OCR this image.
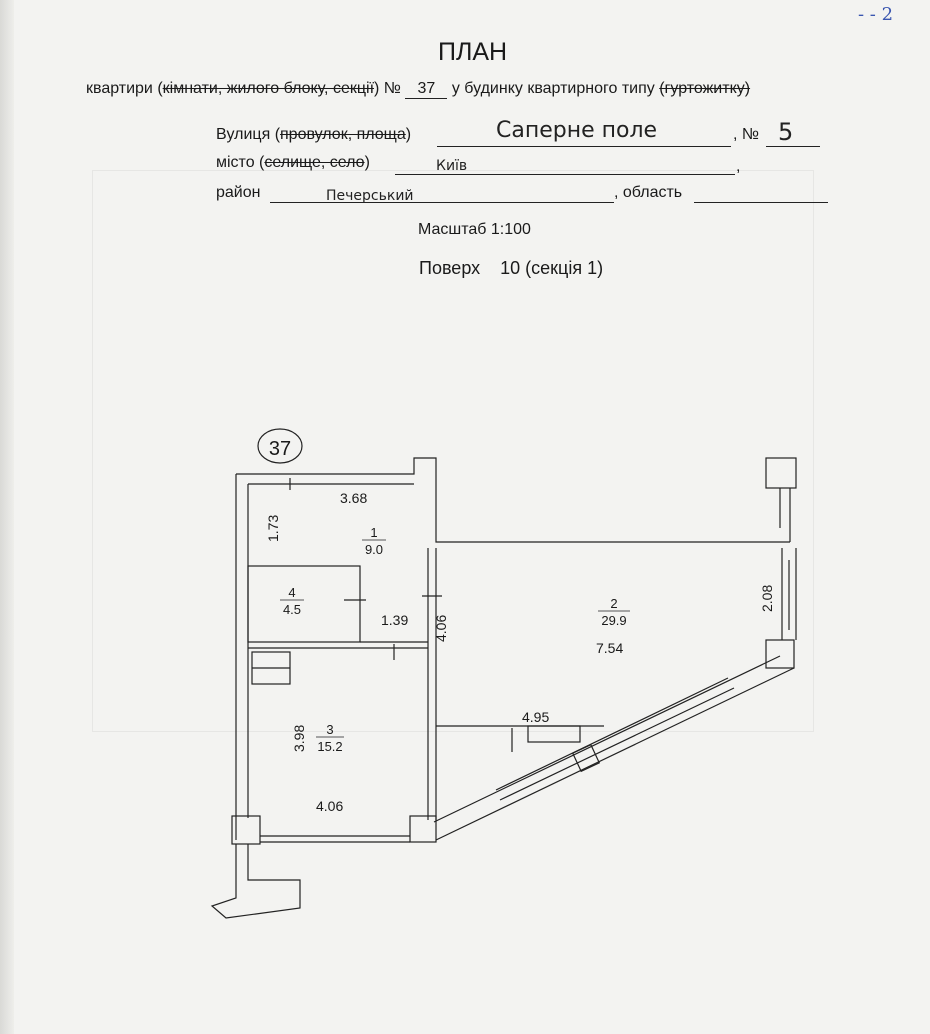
- - 2
ПЛАН
квартири (кімнати, жилого блоку, секції) № 37 у будинку квартирного типу (гуртожитку)
Вулиця (провулок, площа)	Саперне поле	, № 5
місто (селище, село)	Київ	,
район	Печерський	, область
Масштаб 1:100
Поверх    10 (секція 1)
37
3.68
1.73
1.39 4.06
7.54
2.08
4.95
3.98
4.06
1
9.0
2
29.9
3
15.2
4
4.5
